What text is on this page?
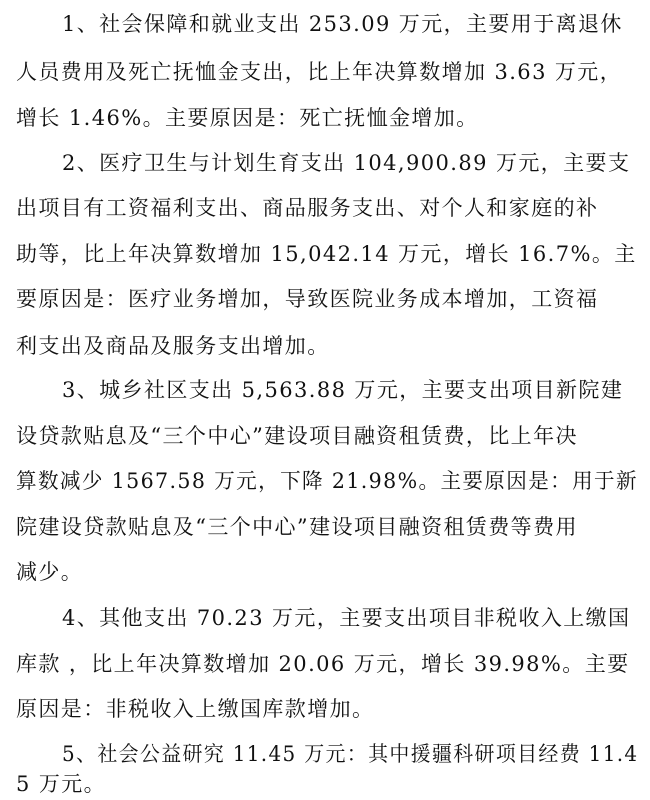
1、社会保障和就业支出 253.09 万元，主要用于离退休
人员费用及死亡抚恤金支出，比上年决算数增加 3.63 万元，
增长 1.46%。主要原因是：死亡抚恤金增加。
2、医疗卫生与计划生育支出 104,900.89 万元，主要支
出项目有工资福利支出、商品服务支出、对个人和家庭的补
助等，比上年决算数增加 15,042.14 万元，增长 16.7%。主
要原因是：医疗业务增加，导致医院业务成本增加，工资福
利支出及商品及服务支出增加。
3、城乡社区支出 5,563.88 万元，主要支出项目新院建
设贷款贴息及“三个中心”建设项目融资租赁费，比上年决
算数减少 1567.58 万元，下降 21.98%。主要原因是：用于新
院建设贷款贴息及“三个中心”建设项目融资租赁费等费用
减少。
4、其他支出 70.23 万元，主要支出项目非税收入上缴国
库款 ，比上年决算数增加 20.06 万元，增长 39.98%。主要
原因是：非税收入上缴国库款增加。
5、社会公益研究 11.45 万元：其中援疆科研项目经费 11.4
5 万元。
